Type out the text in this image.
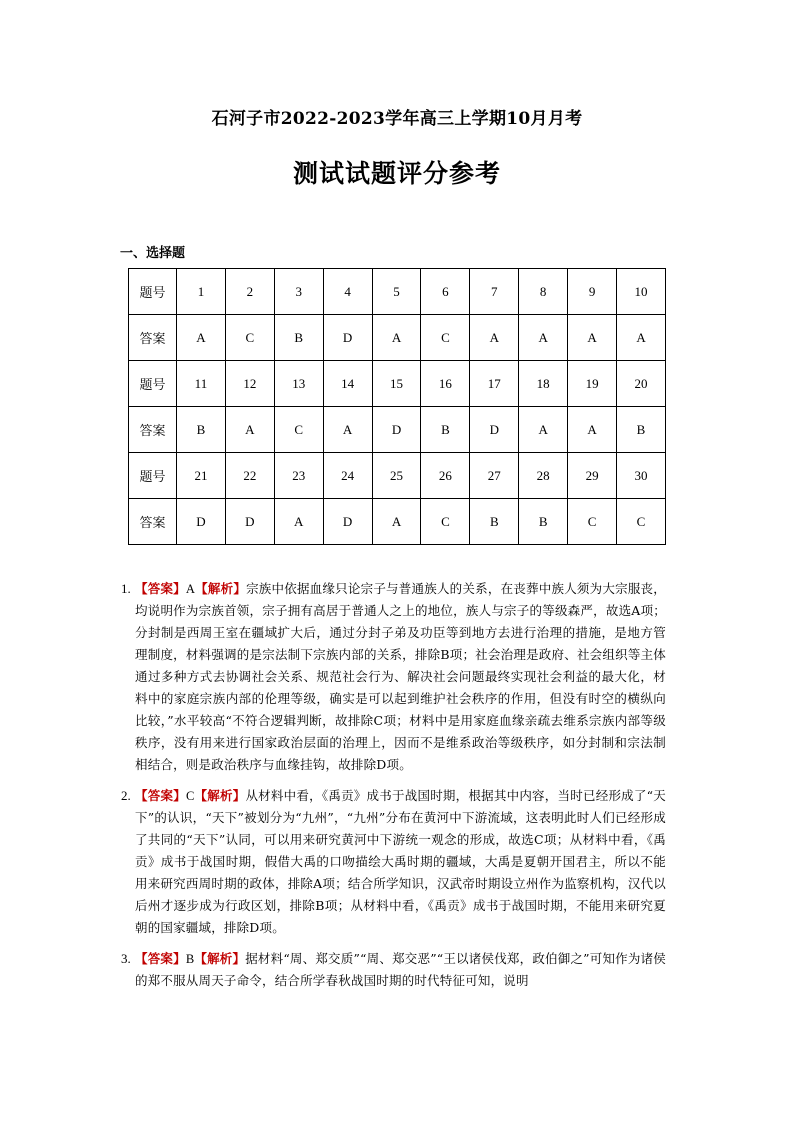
石河子市2022-2023学年高三上学期10月月考
测试试题评分参考
一、选择题
题号	1	2	3	4	5	6	7	8	9	10
答案	A	C	B	D	A	C	A	A	A	A
题号	11	12	13	14	15	16	17	18	19	20
答案	B	A	C	A	D	B	D	A	A	B
题号	21	22	23	24	25	26	27	28	29	30
答案	D	D	A	D	A	C	B	B	C	C
1. 【答案】A【解析】宗族中依据血缘只论宗子与普通族人的关系，在丧葬中族人须为大宗服丧，均说明作为宗族首领，宗子拥有高居于普通人之上的地位，族人与宗子的等级森严，故选A项；分封制是西周王室在疆域扩大后，通过分封子弟及功臣等到地方去进行治理的措施，是地方管理制度，材料强调的是宗法制下宗族内部的关系，排除B项；社会治理是政府、社会组织等主体通过多种方式去协调社会关系、规范社会行为、解决社会问题最终实现社会利益的最大化，材料中的家庭宗族内部的伦理等级，确实是可以起到维护社会秩序的作用，但没有时空的横纵向比较，”水平较高“不符合逻辑判断，故排除C项；材料中是用家庭血缘亲疏去维系宗族内部等级秩序，没有用来进行国家政治层面的治理上，因而不是维系政治等级秩序，如分封制和宗法制相结合，则是政治秩序与血缘挂钩，故排除D项。
2. 【答案】C【解析】从材料中看，《禹贡》成书于战国时期，根据其中内容，当时已经形成了“天下”的认识，“天下”被划分为“九州”，“九州”分布在黄河中下游流域，这表明此时人们已经形成了共同的“天下”认同，可以用来研究黄河中下游统一观念的形成，故选C项；从材料中看，《禹贡》成书于战国时期，假借大禹的口吻描绘大禹时期的疆域，大禹是夏朝开国君主，所以不能用来研究西周时期的政体，排除A项；结合所学知识，汉武帝时期设立州作为监察机构，汉代以后州才逐步成为行政区划，排除B项；从材料中看，《禹贡》成书于战国时期，不能用来研究夏朝的国家疆域，排除D项。
3. 【答案】B【解析】据材料“周、郑交质”“周、郑交恶”“王以诸侯伐郑，政伯御之”可知作为诸侯的郑不服从周天子命令，结合所学春秋战国时期的时代特征可知，说明
